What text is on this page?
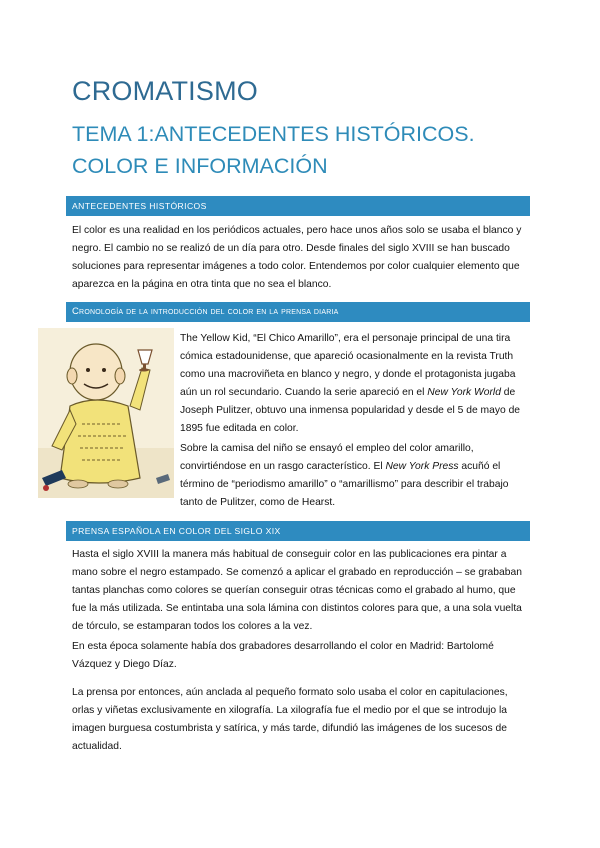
CROMATISMO
TEMA 1:ANTECEDENTES HISTÓRICOS.
COLOR E INFORMACIÓN
ANTECEDENTES HISTÓRICOS

El color es una realidad en los periódicos actuales, pero hace unos años solo se usaba el blanco y negro. El cambio no se realizó de un día para otro. Desde finales del siglo XVIII se han buscado soluciones para representar imágenes a todo color. Entendemos por color cualquier elemento que aparezca en la página en otra tinta que no sea el blanco.

Cronología de la introducción del color en la prensa diaria

The Yellow Kid, “El Chico Amarillo”, era el personaje principal de una tira cómica estadounidense, que apareció ocasionalmente en la revista Truth como una macroviñeta en blanco y negro, y donde el protagonista jugaba aún un rol secundario. Cuando la serie apareció en el New York World de Joseph Pulitzer, obtuvo una inmensa popularidad y desde el 5 de mayo de 1895 fue editada en color.

Sobre la camisa del niño se ensayó el empleo del color amarillo, convirtiéndose en un rasgo característico. El New York Press acuñó el término de “periodismo amarillo” o “amarillismo” para describir el trabajo tanto de Pulitzer, como de Hearst.

PRENSA ESPAÑOLA EN COLOR DEL SIGLO XIX

Hasta el siglo XVIII la manera más habitual de conseguir color en las publicaciones era pintar a mano sobre el negro estampado. Se comenzó a aplicar el grabado en reproducción – se grababan tantas planchas como colores se querían conseguir otras técnicas como el grabado al humo, que fue la más utilizada. Se entintaba una sola lámina con distintos colores para que, a una sola vuelta de tórculo, se estamparan todos los colores a la vez.

En esta época solamente había dos grabadores desarrollando el color en Madrid: Bartolomé Vázquez y Diego Díaz.

La prensa por entonces, aún anclada al pequeño formato solo usaba el color en capitulaciones, orlas y viñetas exclusivamente en xilografía. La xilografía fue el medio por el que se introdujo la imagen burguesa costumbrista y satírica, y más tarde, difundió las imágenes de los sucesos de actualidad.
